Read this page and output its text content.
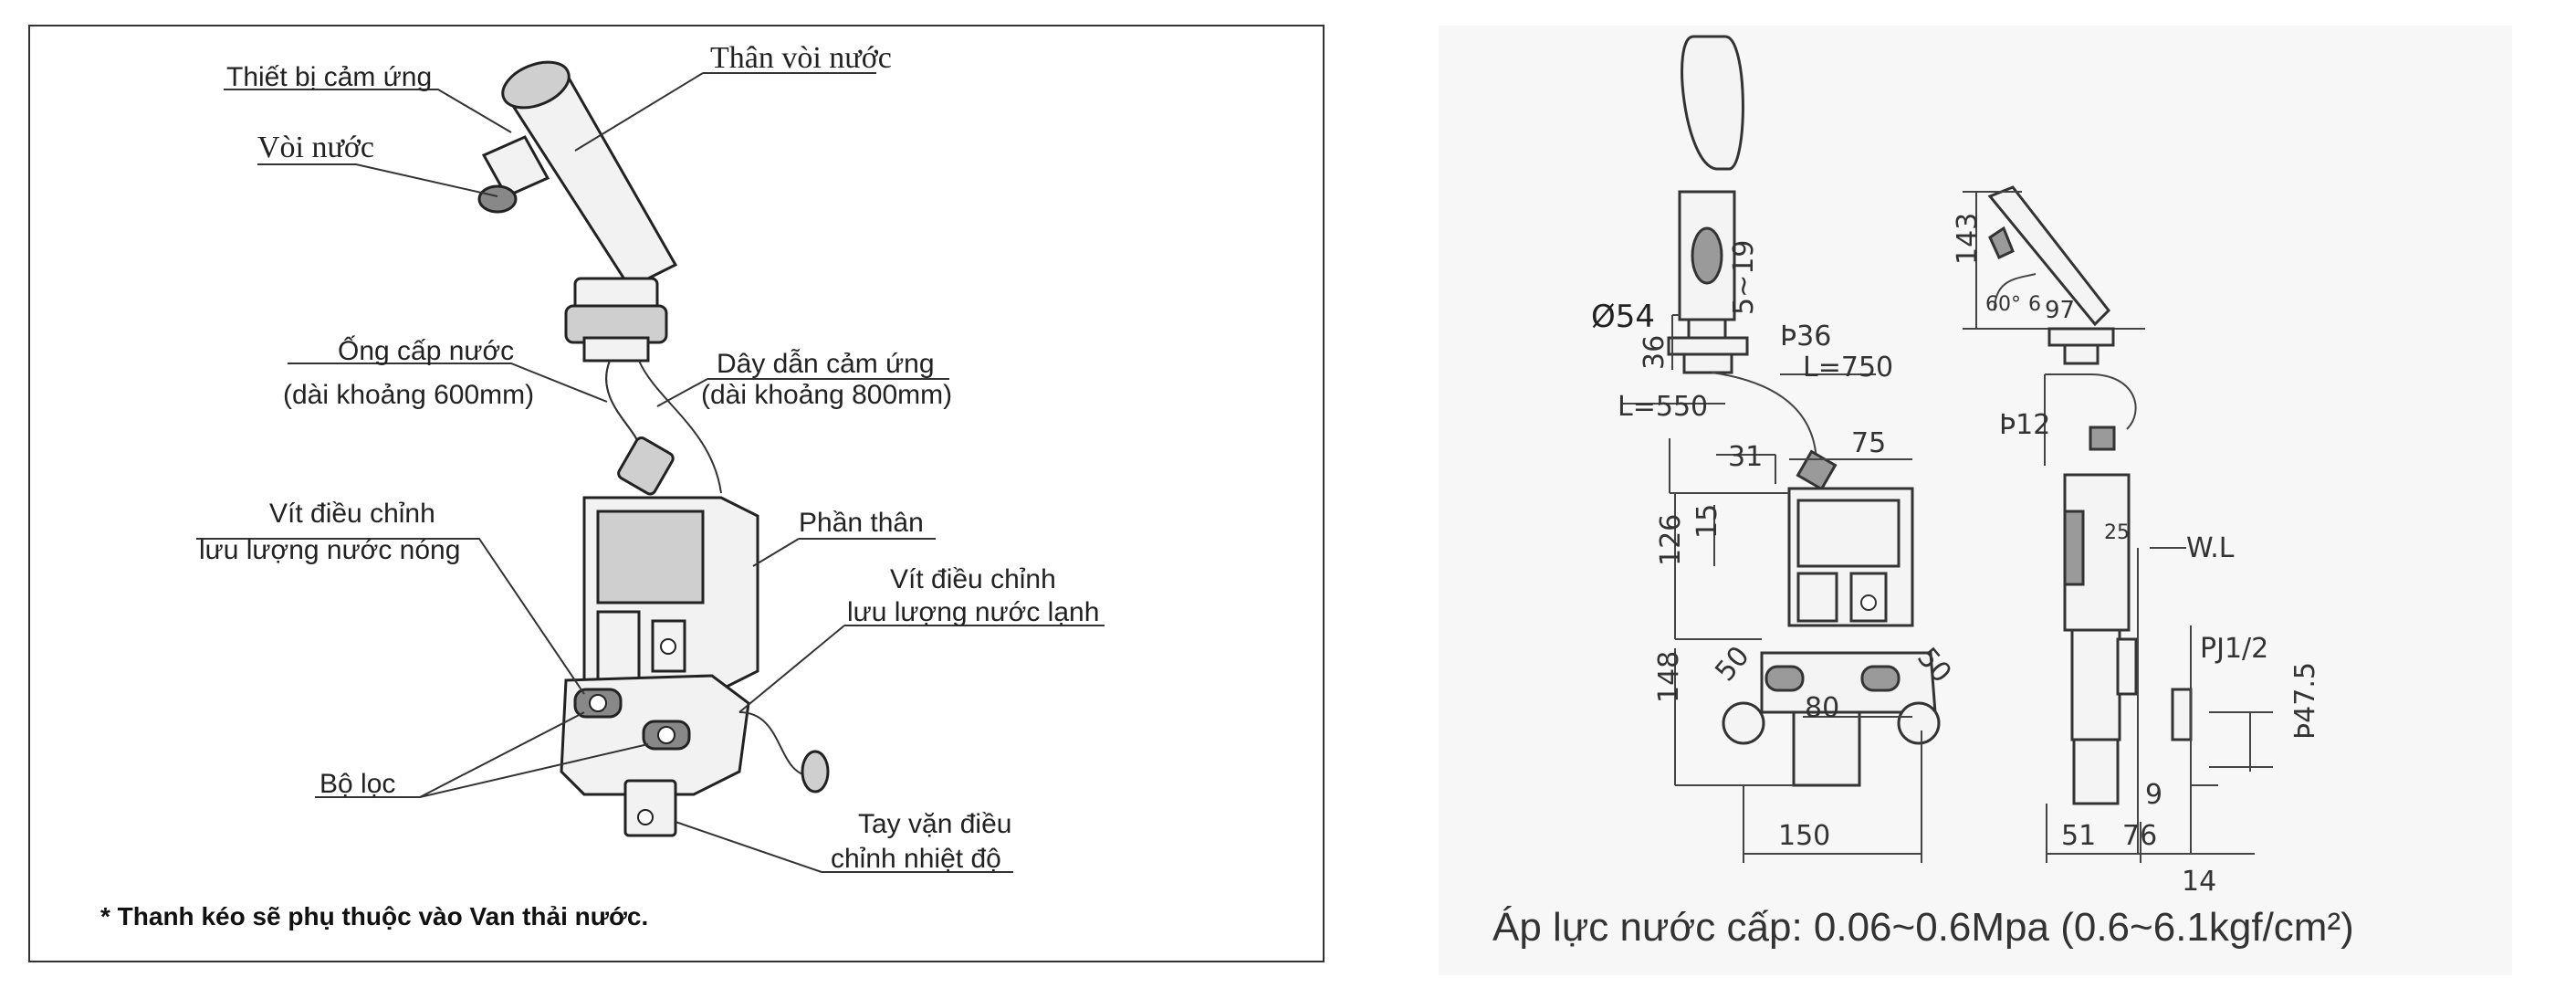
Thiết bị cảm ứng
Thân vòi nước
Vòi nước
Ống cấp nước
(dài khoảng 600mm)
Dây dẫn cảm ứng
(dài khoảng 800mm)
Vít điều chỉnh
lưu lượng nước nóng
Phần thân
Vít điều chỉnh
lưu lượng nước lạnh
Bộ lọc
Tay vặn điều
chỉnh nhiệt độ
* Thanh kéo sẽ phụ thuộc vào Van thải nước.
Ø54
36
5~19
Þ36
L=750
L=550
31	75
15
126
50
80
50
148
150
143
60° 6 97
Þ12
25 W.L
PJ1/2
Þ47.5
9
51 76
14
Áp lực nước cấp: 0.06~0.6Mpa (0.6~6.1kgf/cm²)
